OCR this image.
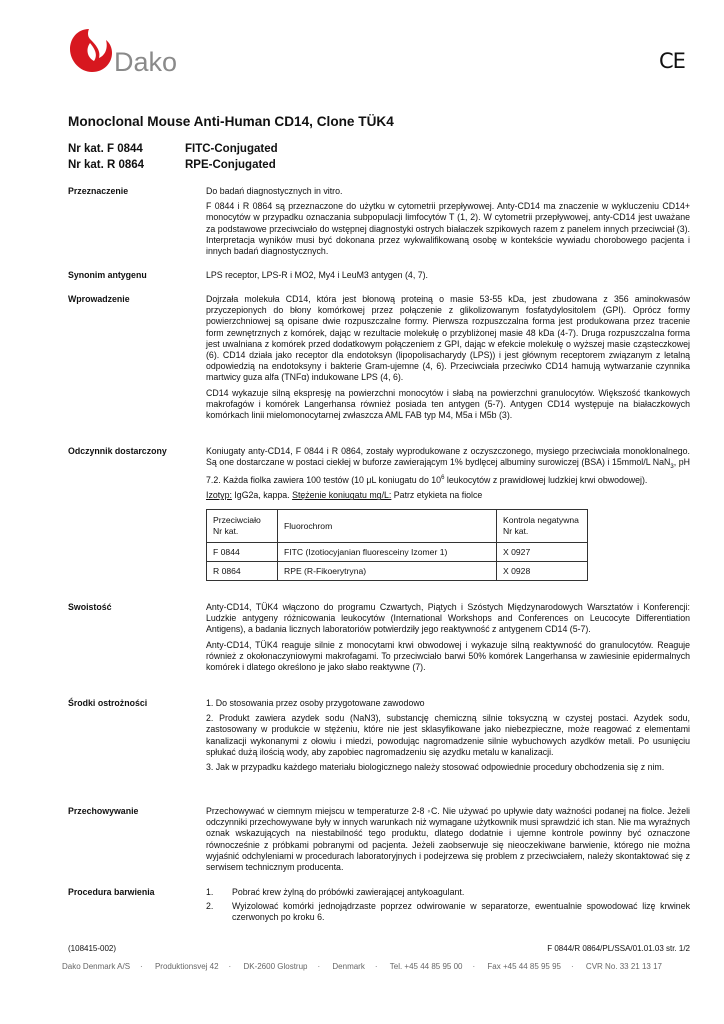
Dako	CE
Monoclonal Mouse Anti-Human CD14, Clone TÜK4
Nr kat. F 0844	FITC-Conjugated
Nr kat. R 0864	RPE-Conjugated
Przeznaczenie	Do badań diagnostycznych in vitro.

F 0844 i R 0864 są przeznaczone do użytku w cytometrii przepływowej. Anty-CD14 ma znaczenie w wykluczeniu CD14+ monocytów w przypadku oznaczania subpopulacji limfocytów T (1, 2). W cytometrii przepływowej, anty-CD14 jest uważane za podstawowe przeciwciało do wstępnej diagnostyki ostrych białaczek szpikowych razem z panelem innych przeciwciał (3). Interpretacja wyników musi być dokonana przez wykwalifikowaną osobę w kontekście wywiadu chorobowego pacjenta i innych badań diagnostycznych.

Synonim antygenu	LPS receptor, LPS-R i MO2, My4 i LeuM3 antygen (4, 7).

Wprowadzenie	Dojrzała molekuła CD14, która jest błonową proteiną o masie 53-55 kDa, jest zbudowana z 356 aminokwasów przyczepionych do błony komórkowej przez połączenie z glikolizowanym fosfatydylositolem (GPI). Oprócz formy powierzchniowej są opisane dwie rozpuszczalne formy. Pierwsza rozpuszczalna forma jest produkowana przez tracenie form zewnętrznych z komórek, dając w rezultacie molekułę o przybliżonej masie 48 kDa (4-7). Druga rozpuszczalna forma jest uwalniana z komórek przed dodatkowym połączeniem z GPI, dając w efekcie molekułę o wyższej masie cząsteczkowej (6). CD14 działa jako receptor dla endotoksyn (lipopolisacharydy (LPS)) i jest głównym receptorem związanym z letalną odpowiedzią na endotoksyny i bakterie Gram-ujemne (4, 6). Przeciwciała przeciwko CD14 hamują wytwarzanie czynnika martwicy guza alfa (TNFα) indukowane LPS (4, 6).

CD14 wykazuje silną ekspresję na powierzchni monocytów i słabą na powierzchni granulocytów. Większość tkankowych makrofagów i komórek Langerhansa również posiada ten antygen (5-7). Antygen CD14 występuje na białaczkowych komórkach linii mielomonocytarnej zwłaszcza AML FAB typ M4, M5a i M5b (3).

Odczynnik dostarczony	Koniugaty anty-CD14, F 0844 i R 0864, zostały wyprodukowane z oczyszczonego, mysiego przeciwciała monoklonalnego. Są one dostarczane w postaci ciekłej w buforze zawierającym 1% bydlęcej albuminy surowiczej (BSA) i 15mmol/L NaN$_3$, pH 7.2. Każda fiolka zawiera 100 testów (10 μL koniugatu do $10^6$ leukocytów z prawidłowej ludzkiej krwi obwodowej).

Izotyp: IgG2a, kappa. Stężenie koniugatu mg/L: Patrz etykieta na fiolce

Przeciwciało Nr kat.	Fluorochrom	Kontrola negatywna Nr kat.
F 0844	FITC (Izotiocyjanian fluoresceiny Izomer 1)	X 0927
R 0864	RPE (R-Fikoerytryna)	X 0928
Swoistość	Anty-CD14, TÜK4 włączono do programu Czwartych, Piątych i Szóstych Międzynarodowych Warsztatów i Konferencji: Ludzkie antygeny różnicowania leukocytów (International Workshops and Conferences on Leucocyte Differentiation Antigens), a badania licznych laboratoriów potwierdziły jego reaktywność z antygenem CD14 (5-7).

Anty-CD14, TÜK4 reaguje silnie z monocytami krwi obwodowej i wykazuje silną reaktywność do granulocytów. Reaguje również z okołonaczyniowymi makrofagami. To przeciwciało barwi 50% komórek Langerhansa w zawiesinie epidermalnych komórek i dlatego określono je jako słabo reaktywne (7).

Środki ostrożności	1. Do stosowania przez osoby przygotowane zawodowo

2. Produkt zawiera azydek sodu (NaN3), substancję chemiczną silnie toksyczną w czystej postaci. Azydek sodu, zastosowany w produkcie w stężeniu, które nie jest sklasyfikowane jako niebezpieczne, może reagować z elementami kanalizacji wykonanymi z ołowiu i miedzi, powodując nagromadzenie silnie wybuchowych azydków metali. Po usunięciu spłukać dużą ilością wody, aby zapobiec nagromadzeniu się azydku metalu w kanalizacji.

3. Jak w przypadku każdego materiału biologicznego należy stosować odpowiednie procedury obchodzenia się z nim.

Przechowywanie	Przechowywać w ciemnym miejscu w temperaturze 2-8 ◦C. Nie używać po upływie daty ważności podanej na fiolce. Jeżeli odczynniki przechowywane były w innych warunkach niż wymagane użytkownik musi sprawdzić ich stan. Nie ma wyraźnych oznak wskazujących na niestabilność tego produktu, dlatego dodatnie i ujemne kontrole powinny być oznaczone równocześnie z próbkami pobranymi od pacjenta. Jeżeli zaobserwuje się nieoczekiwane barwienie, którego nie można wyjaśnić odchyleniami w procedurach laboratoryjnych i podejrzewa się problem z przeciwciałem, należy skontaktować się z serwisem technicznym producenta.

Procedura barwienia	1. Pobrać krew żylną do próbówki zawierającej antykoagulant.
2. Wyizolować komórki jednojądrzaste poprzez odwirowanie w separatorze, ewentualnie spowodować lizę krwinek czerwonych po kroku 6.
(108415-002)	F 0844/R 0864/PL/SSA/01.01.03 str. 1/2
Dako Denmark A/S · Produktionsvej 42 · DK-2600 Glostrup · Denmark · Tel. +45 44 85 95 00 · Fax +45 44 85 95 95 · CVR No. 33 21 13 17
